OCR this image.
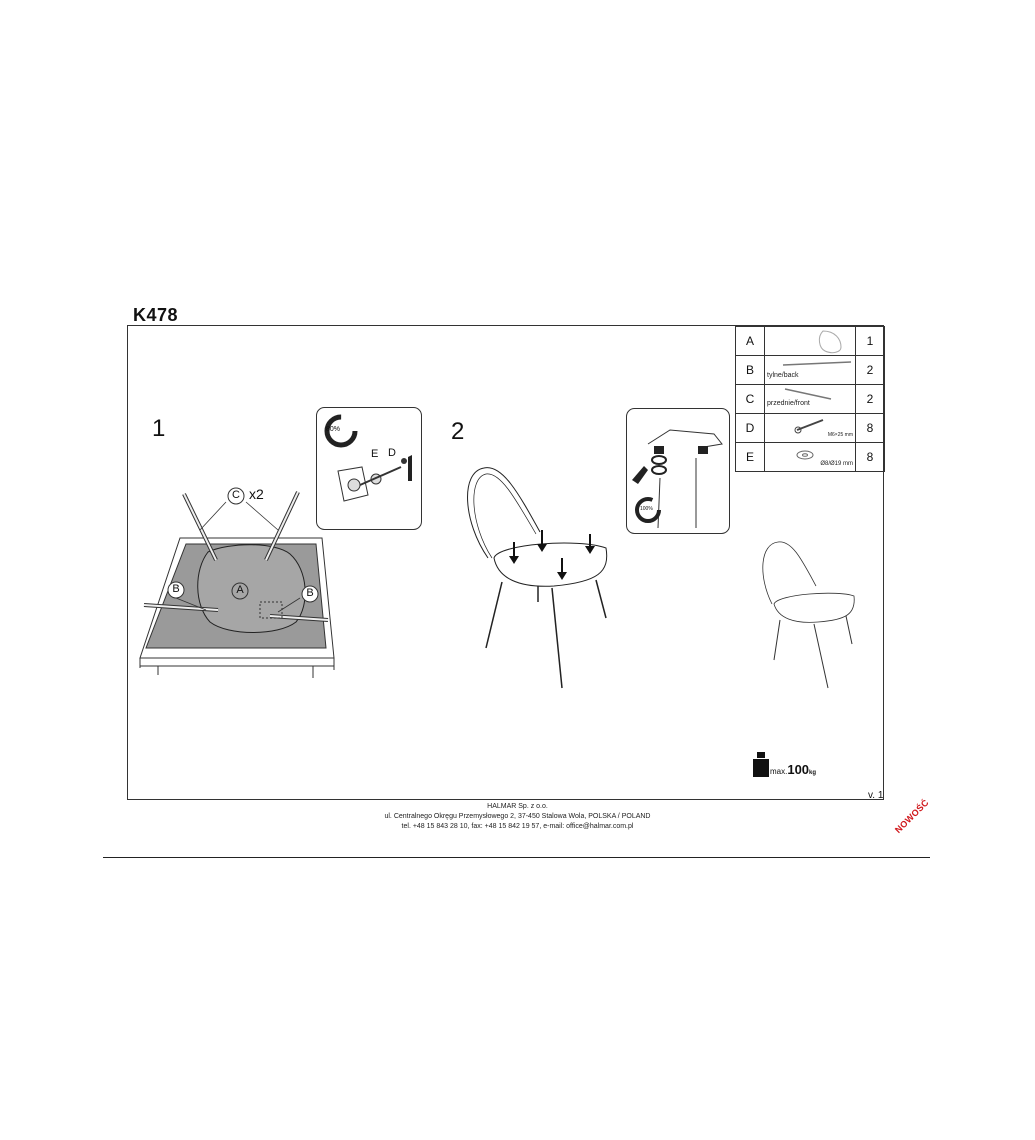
K478
1	2
C x2
B	A	B
80%
E D
100%
A		1
B	tylne/back	2
C	przednie/front	2
D	M6×25 mm	8
E	Ø8/Ø19 mm	8
max.100kg
v. 1
HALMAR Sp. z o.o.
ul. Centralnego Okręgu Przemysłowego 2, 37-450 Stalowa Wola, POLSKA / POLAND
tel. +48 15 843 28 10, fax: +48 15 842 19 57, e-mail: office@halmar.com.pl	NOWOŚĆ
